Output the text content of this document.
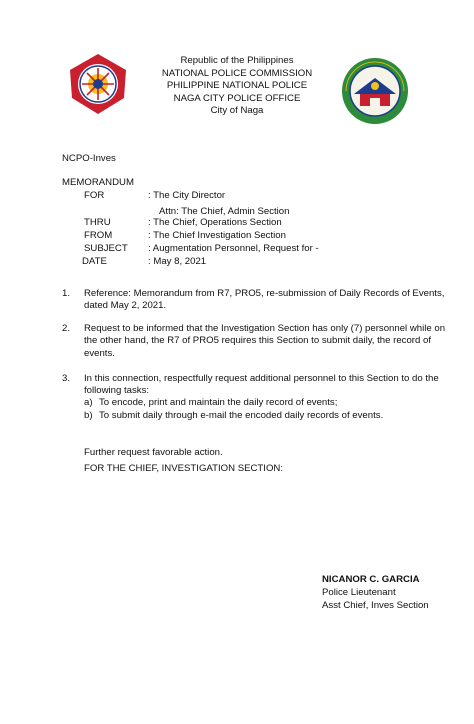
Republic of the Philippines
NATIONAL POLICE COMMISSION
PHILIPPINE NATIONAL POLICE
NAGA CITY POLICE OFFICE
City of Naga
NCPO-Inves
MEMORANDUM
FOR	: The City Director
Attn: The Chief, Admin Section
THRU	: The Chief, Operations Section
FROM	: The Chief Investigation Section
SUBJECT : Augmentation Personnel, Request for -
DATE	: May 8, 2021
1. Reference: Memorandum from R7, PRO5, re-submission of Daily Records of Events,
dated May 2, 2021.
2. Request to be informed that the Investigation Section has only (7) personnel while on
the other hand, the R7 of PRO5 requires this Section to submit daily, the record of
events.
3. In this connection, respectfully request additional personnel to this Section to do the
following tasks:
a) To encode, print and maintain the daily record of events;
b) To submit daily through e-mail the encoded daily records of events.
Further request favorable action.
FOR THE CHIEF, INVESTIGATION SECTION:
NICANOR C. GARCIA
Police Lieutenant
Asst Chief, Inves Section
